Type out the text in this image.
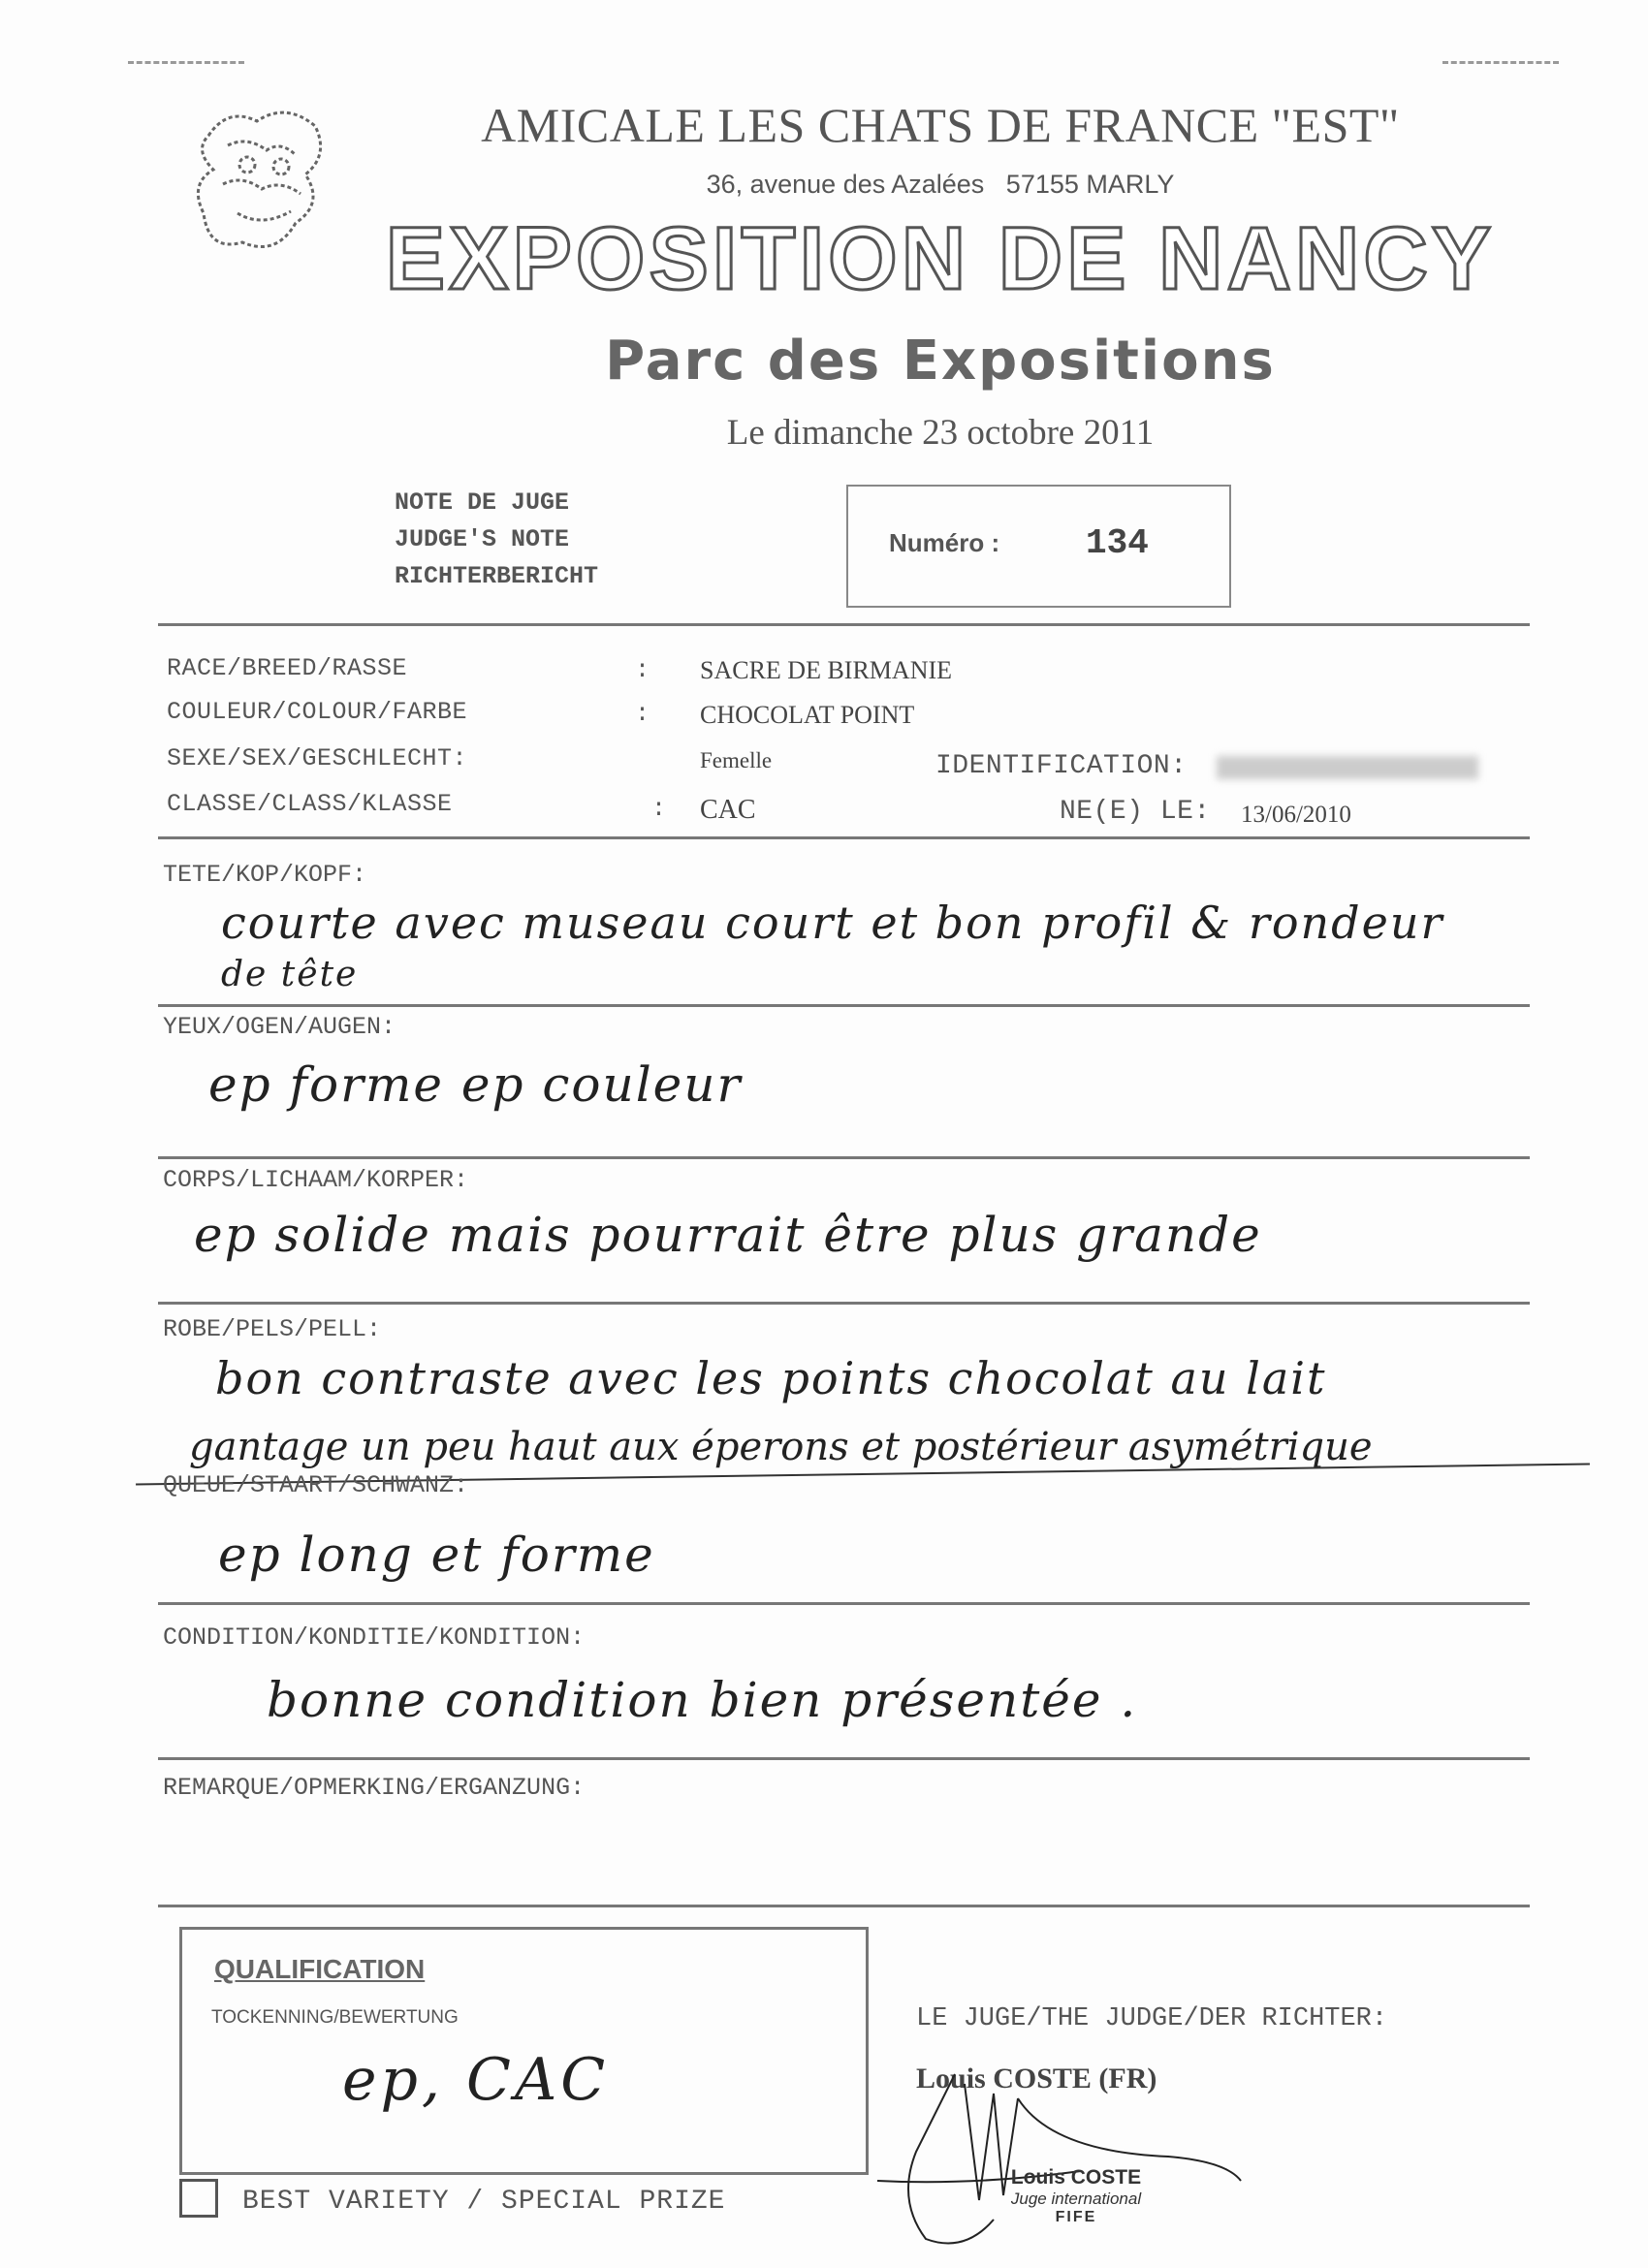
AMICALE LES CHATS DE FRANCE "EST"
36, avenue des Azalées   57155 MARLY
EXPOSITION DE NANCY
Parc des Expositions
Le dimanche 23 octobre 2011
NOTE DE JUGE
JUDGE'S NOTE
RICHTERBERICHT
Numéro : 134
RACE/BREED/RASSE	: SACRE DE BIRMANIE
COULEUR/COLOUR/FARBE	: CHOCOLAT POINT
SEXE/SEX/GESCHLECHT:	Femelle	IDENTIFICATION:
CLASSE/CLASS/KLASSE	: CAC	NE(E) LE: 13/06/2010
TETE/KOP/KOPF:
courte avec museau court et bon profil & rondeur
de tête
YEUX/OGEN/AUGEN:
ep forme ep couleur
CORPS/LICHAAM/KORPER:
ep solide mais pourrait être plus grande
ROBE/PELS/PELL:
bon contraste avec les points chocolat au lait
gantage un peu haut aux éperons et postérieur asymétrique
QUEUE/STAART/SCHWANZ:
ep long et forme
CONDITION/KONDITIE/KONDITION:
bonne condition bien présentée .
REMARQUE/OPMERKING/ERGANZUNG:
QUALIFICATION
TOCKENNING/BEWERTUNG
ep, CAC
BEST VARIETY / SPECIAL PRIZE
LE JUGE/THE JUDGE/DER RICHTER:
Louis COSTE (FR)
Louis COSTE
Juge international
FIFE
